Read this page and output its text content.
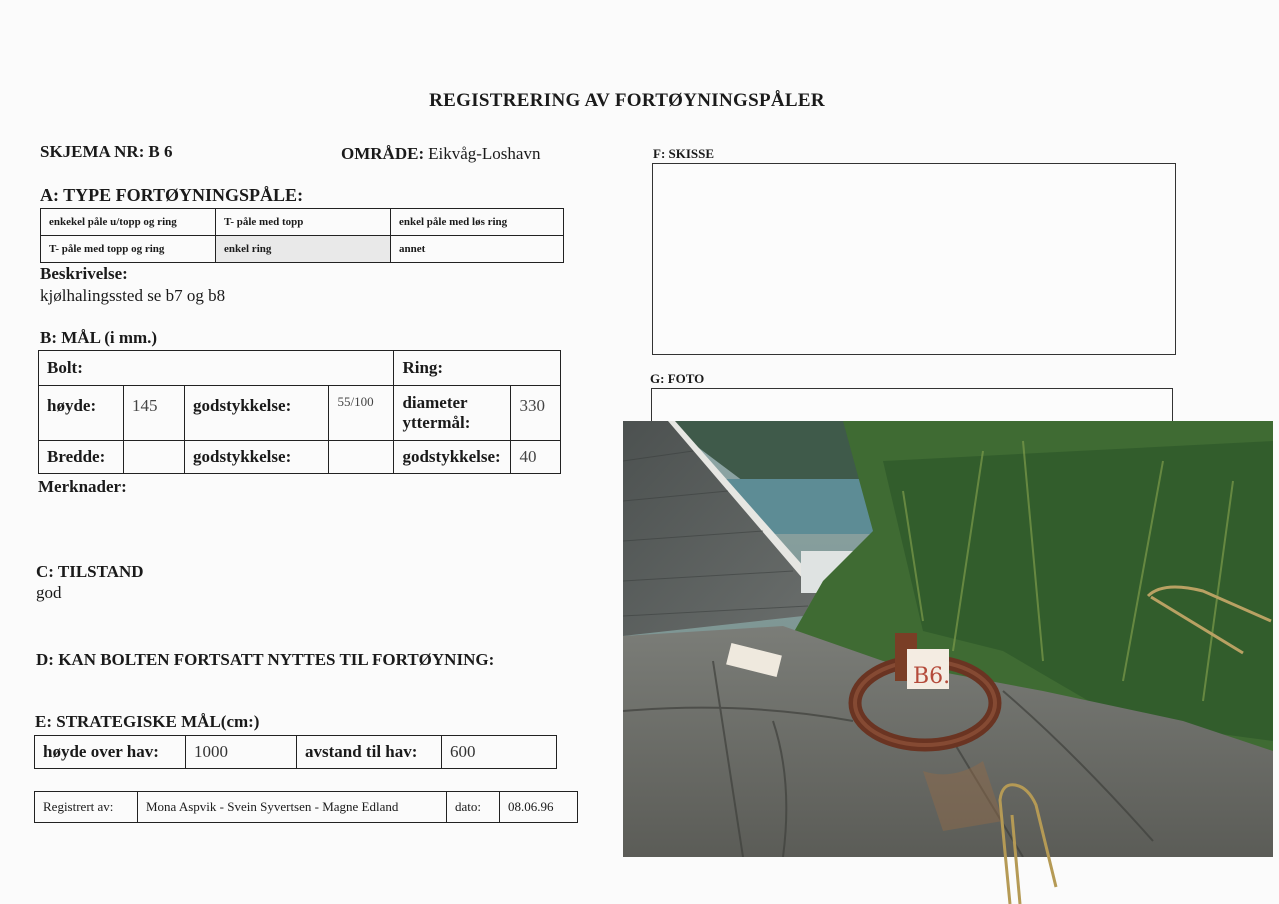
REGISTRERING AV FORTØYNINGSPÅLER
SKJEMA NR: B 6	OMRÅDE: Eikvåg-Loshavn
A: TYPE FORTØYNINGSPÅLE:
enkekel påle u/topp og ring	T- påle med topp	enkel påle med løs ring
T- påle med topp og ring	enkel ring	annet
Beskrivelse:
kjølhalingssted se b7 og b8
B: MÅL (i mm.)
Bolt:				Ring:	
høyde:	145	godstykkelse:	55/100	diameter yttermål:	330
Bredde:		godstykkelse:		godstykkelse:	40
Merknader:
C: TILSTAND
god
D: KAN BOLTEN FORTSATT NYTTES TIL FORTØYNING:
E: STRATEGISKE MÅL(cm:)
høyde over hav:	1000	avstand til hav:	600
Registrert av:	Mona Aspvik - Svein Syvertsen - Magne Edland	dato:	08.06.96
F: SKISSE
G: FOTO
B6.
